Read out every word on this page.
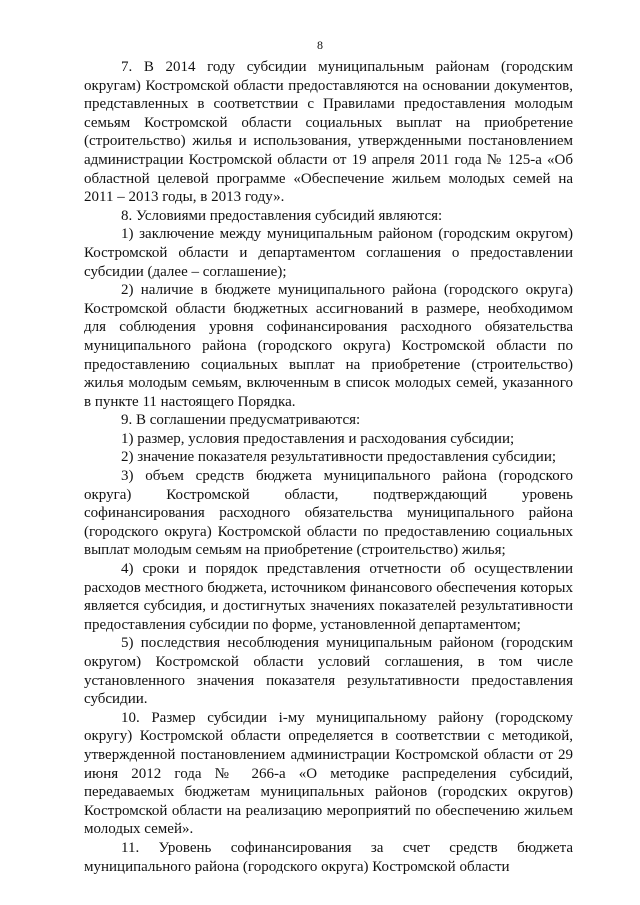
8

7. В 2014 году субсидии муниципальным районам (городским округам) Костромской области предоставляются на основании документов, представленных в соответствии с Правилами предоставления молодым семьям Костромской области социальных выплат на приобретение (строительство) жилья и использования, утвержденными постановлением администрации Костромской области от 19 апреля 2011 года № 125-а «Об областной целевой программе «Обеспечение жильем молодых семей на 2011 – 2013 годы, в 2013 году».

8. Условиями предоставления субсидий являются:

1) заключение между муниципальным районом (городским округом) Костромской области и департаментом соглашения о предоставлении субсидии (далее – соглашение);

2) наличие в бюджете муниципального района (городского округа) Костромской области бюджетных ассигнований в размере, необходимом для соблюдения уровня софинансирования расходного обязательства муниципального района (городского округа) Костромской области по предоставлению социальных выплат на приобретение (строительство) жилья молодым семьям, включенным в список молодых семей, указанного в пункте 11 настоящего Порядка.

9. В соглашении предусматриваются:

1) размер, условия предоставления и расходования субсидии;

2) значение показателя результативности предоставления субсидии;

3) объем средств бюджета муниципального района (городского округа) Костромской области, подтверждающий уровень софинансирования расходного обязательства муниципального района (городского округа) Костромской области по предоставлению социальных выплат молодым семьям на приобретение (строительство) жилья;

4) сроки и порядок представления отчетности об осуществлении расходов местного бюджета, источником финансового обеспечения которых является субсидия, и достигнутых значениях показателей результативности предоставления субсидии по форме, установленной департаментом;

5) последствия несоблюдения муниципальным районом (городским округом) Костромской области условий соглашения, в том числе установленного значения показателя результативности предоставления субсидии.

10. Размер субсидии i-му муниципальному району (городскому округу) Костромской области определяется в соответствии с методикой, утвержденной постановлением администрации Костромской области от 29 июня 2012 года № 266-а «О методике распределения субсидий, передаваемых бюджетам муниципальных районов (городских округов) Костромской области на реализацию мероприятий по обеспечению жильем молодых семей».

11. Уровень софинансирования за счет средств бюджета муниципального района (городского округа) Костромской области
